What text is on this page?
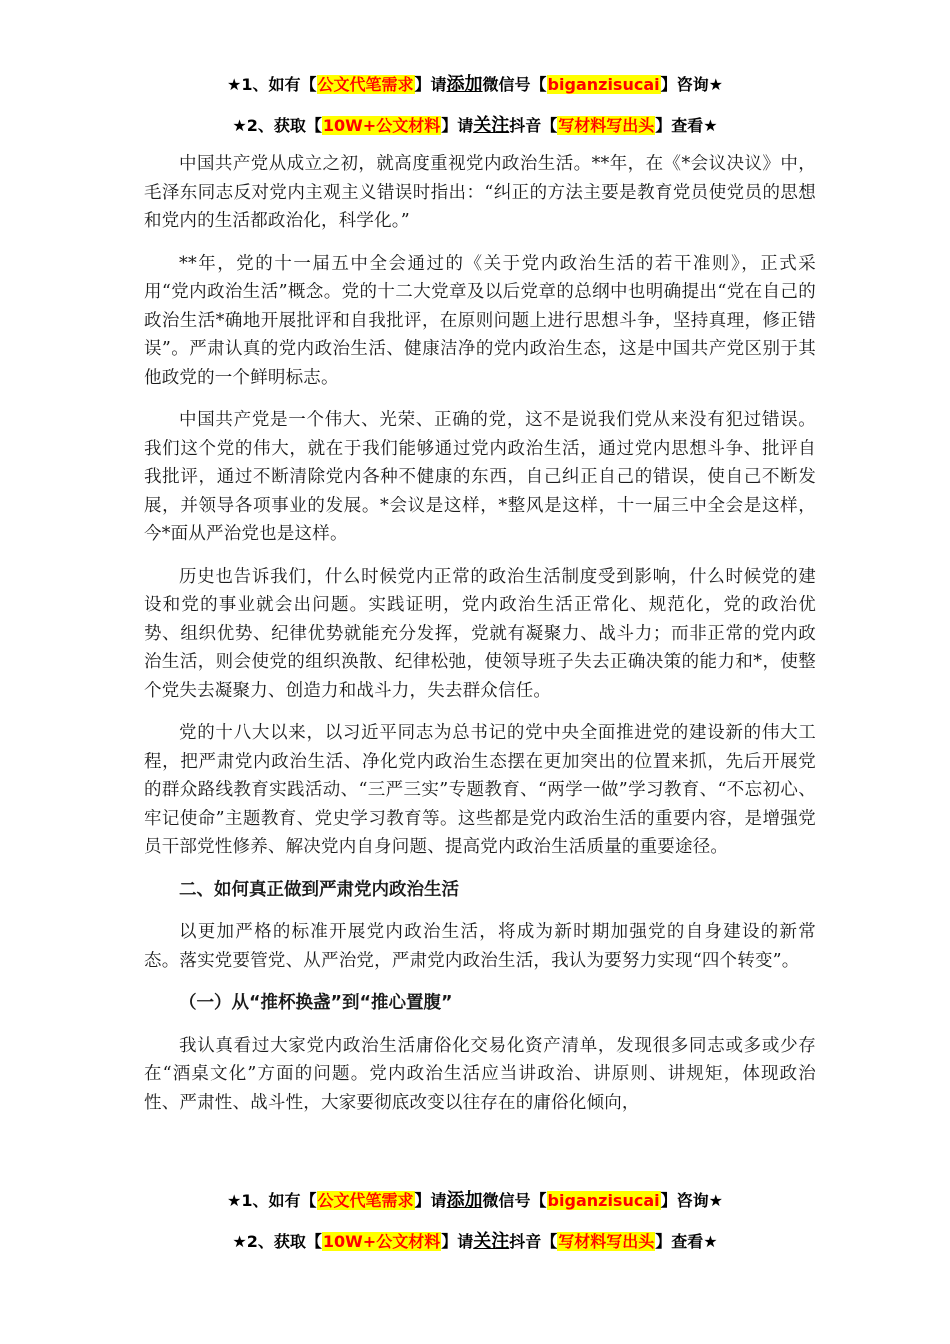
★1、如有【公文代笔需求】请添加微信号【biganzisucai】咨询★
★2、获取【10W+公文材料】请关注抖音【写材料写出头】查看★

中国共产党从成立之初，就高度重视党内政治生活。**年，在《*会议决议》中，毛泽东同志反对党内主观主义错误时指出：“纠正的方法主要是教育党员使党员的思想和党内的生活都政治化，科学化。”

**年，党的十一届五中全会通过的《关于党内政治生活的若干准则》，正式采用“党内政治生活”概念。党的十二大党章及以后党章的总纲中也明确提出“党在自己的政治生活*确地开展批评和自我批评，在原则问题上进行思想斗争，坚持真理，修正错误”。严肃认真的党内政治生活、健康洁净的党内政治生态，这是中国共产党区别于其他政党的一个鲜明标志。

中国共产党是一个伟大、光荣、正确的党，这不是说我们党从来没有犯过错误。我们这个党的伟大，就在于我们能够通过党内政治生活，通过党内思想斗争、批评自我批评，通过不断清除党内各种不健康的东西，自己纠正自己的错误，使自己不断发展，并领导各项事业的发展。*会议是这样，*整风是这样，十一届三中全会是这样，今*面从严治党也是这样。

历史也告诉我们，什么时候党内正常的政治生活制度受到影响，什么时候党的建设和党的事业就会出问题。实践证明，党内政治生活正常化、规范化，党的政治优势、组织优势、纪律优势就能充分发挥，党就有凝聚力、战斗力；而非正常的党内政治生活，则会使党的组织涣散、纪律松弛，使领导班子失去正确决策的能力和*，使整个党失去凝聚力、创造力和战斗力，失去群众信任。

党的十八大以来，以习近平同志为总书记的党中央全面推进党的建设新的伟大工程，把严肃党内政治生活、净化党内政治生态摆在更加突出的位置来抓，先后开展党的群众路线教育实践活动、“三严三实”专题教育、“两学一做”学习教育、“不忘初心、牢记使命”主题教育、党史学习教育等。这些都是党内政治生活的重要内容，是增强党员干部党性修养、解决党内自身问题、提高党内政治生活质量的重要途径。

二、如何真正做到严肃党内政治生活

以更加严格的标准开展党内政治生活，将成为新时期加强党的自身建设的新常态。落实党要管党、从严治党，严肃党内政治生活，我认为要努力实现“四个转变”。

（一）从“推杯换盏”到“推心置腹”

我认真看过大家党内政治生活庸俗化交易化资产清单，发现很多同志或多或少存在“酒桌文化”方面的问题。党内政治生活应当讲政治、讲原则、讲规矩，体现政治性、严肃性、战斗性，大家要彻底改变以往存在的庸俗化倾向，

★1、如有【公文代笔需求】请添加微信号【biganzisucai】咨询★
★2、获取【10W+公文材料】请关注抖音【写材料写出头】查看★
